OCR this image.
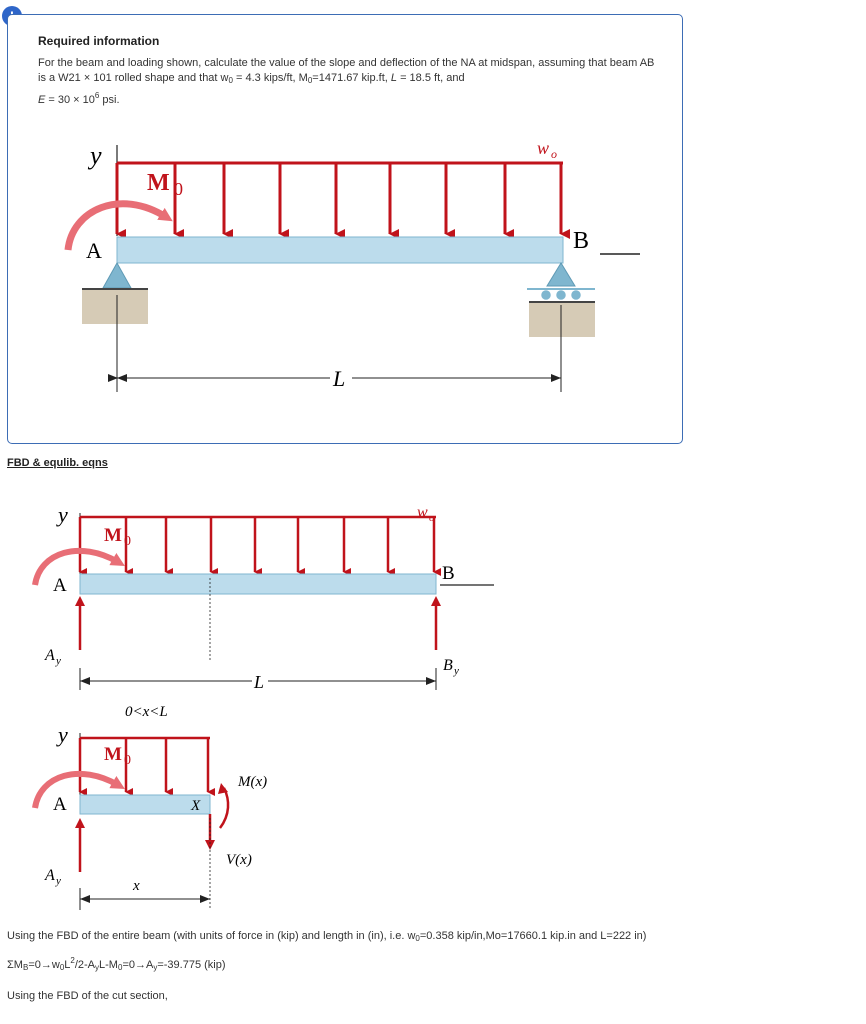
Required information
For the beam and loading shown, calculate the value of the slope and deflection of the NA at midspan, assuming that beam AB is a W21 × 101 rolled shape and that $w_0 = 4.3$ kips/ft, $M_0=1471.67$ kip.ft, L = 18.5 ft, and
$E = 30 \times 10^6$ psi.
y
M 0
A	B
w o
L
y	w o
M 0
A
B
A y	B y
L
0<x<L
y
M 0
A	X
M(x)
V(x)
A y	x
FBD & equlib. eqns

Using the FBD of the entire beam (with units of force in (kip) and length in (in), i.e. $w_0=0.358$ kip/in,Mo=17660.1 kip.in and L=222 in)

$\Sigma M_B=0\to w_0L^2/2-A_yL-M_0=0\to A_y=-39.775$ (kip)

Using the FBD of the cut section,
